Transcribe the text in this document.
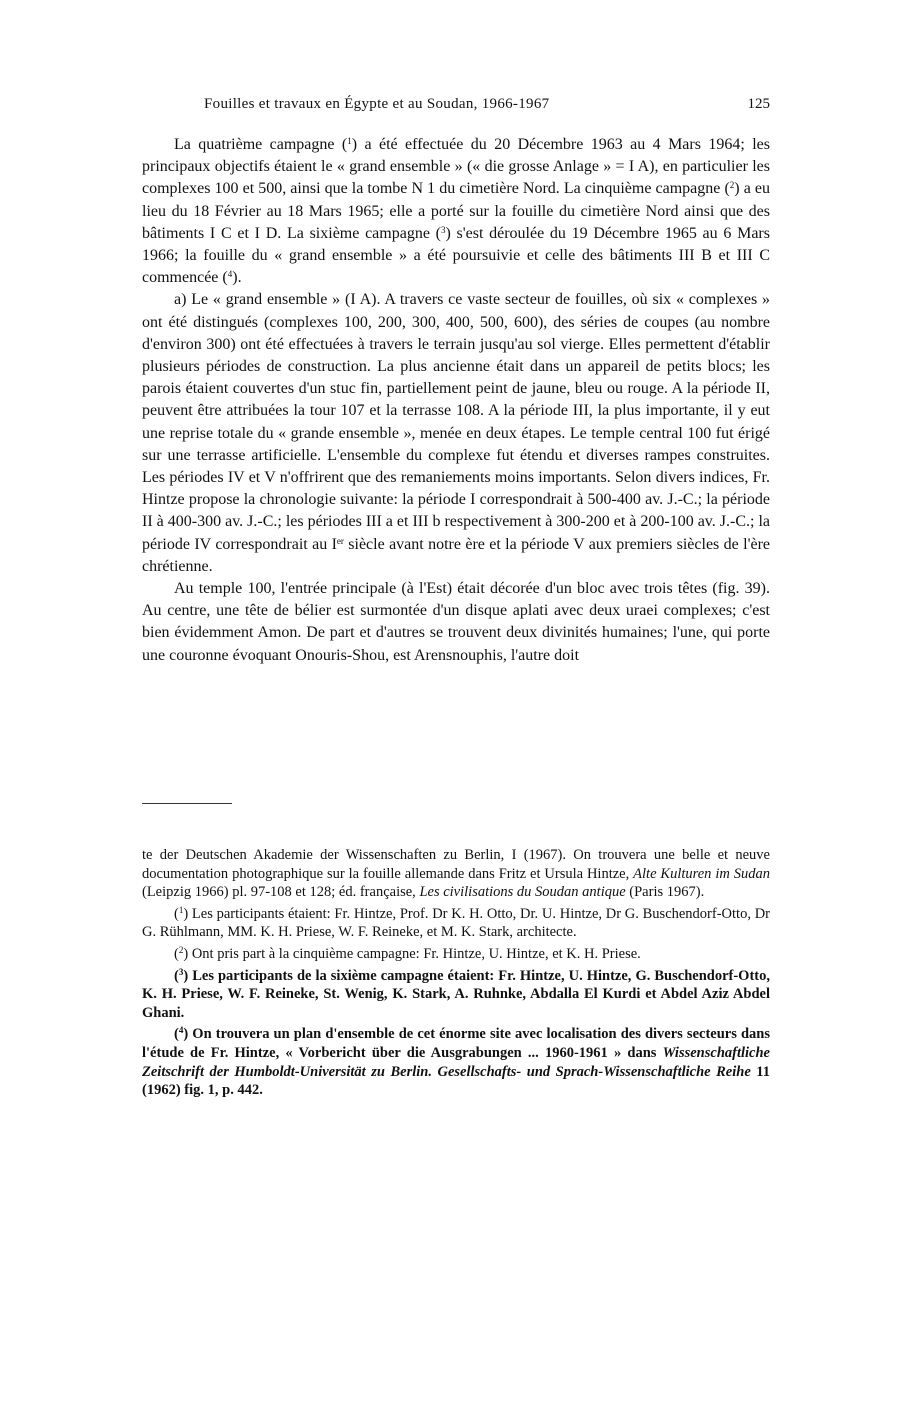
Fouilles et travaux en Égypte et au Soudan, 1966-1967	125

La quatrième campagne ($^1$) a été effectuée du 20 Décembre 1963 au 4 Mars 1964; les principaux objectifs étaient le « grand ensemble » (« die grosse Anlage » = I A), en particulier les complexes 100 et 500, ainsi que la tombe N 1 du cimetière Nord. La cinquième campagne ($^2$) a eu lieu du 18 Février au 18 Mars 1965; elle a porté sur la fouille du cimetière Nord ainsi que des bâtiments I C et I D. La sixième campagne ($^3$) s'est déroulée du 19 Décembre 1965 au 6 Mars 1966; la fouille du « grand ensemble » a été poursuivie et celle des bâtiments III B et III C commencée ($^4$).

a) Le « grand ensemble » (I A). A travers ce vaste secteur de fouilles, où six « complexes » ont été distingués (complexes 100, 200, 300, 400, 500, 600), des séries de coupes (au nombre d'environ 300) ont été effectuées à travers le terrain jusqu'au sol vierge. Elles permettent d'établir plusieurs périodes de construction. La plus ancienne était dans un appareil de petits blocs; les parois étaient couvertes d'un stuc fin, partiellement peint de jaune, bleu ou rouge. A la période II, peuvent être attribuées la tour 107 et la terrasse 108. A la période III, la plus importante, il y eut une reprise totale du « grande ensemble », menée en deux étapes. Le temple central 100 fut érigé sur une terrasse artificielle. L'ensemble du complexe fut étendu et diverses rampes construites. Les périodes IV et V n'offrirent que des remaniements moins importants. Selon divers indices, Fr. Hintze propose la chronologie suivante: la période I correspondrait à 500-400 av. J.-C.; la période II à 400-300 av. J.-C.; les périodes III a et III b respectivement à 300-200 et à 200-100 av. J.-C.; la période IV correspondrait au Ier siècle avant notre ère et la période V aux premiers siècles de l'ère chrétienne.

Au temple 100, l'entrée principale (à l'Est) était décorée d'un bloc avec trois têtes (fig. 39). Au centre, une tête de bélier est surmontée d'un disque aplati avec deux uraei complexes; c'est bien évidemment Amon. De part et d'autres se trouvent deux divinités humaines; l'une, qui porte une couronne évoquant Onouris-Shou, est Arensnouphis, l'autre doit

te der Deutschen Akademie der Wissenschaften zu Berlin, I (1967). On trouvera une belle et neuve documentation photographique sur la fouille allemande dans Fritz et Ursula Hintze, Alte Kulturen im Sudan (Leipzig 1966) pl. 97-108 et 128; éd. française, Les civilisations du Soudan antique (Paris 1967).

($^1$) Les participants étaient: Fr. Hintze, Prof. Dr K. H. Otto, Dr. U. Hintze, Dr G. Buschendorf-Otto, Dr G. Rühlmann, MM. K. H. Priese, W. F. Reineke, et M. K. Stark, architecte.

($^2$) Ont pris part à la cinquième campagne: Fr. Hintze, U. Hintze, et K. H. Priese.

($^3$) Les participants de la sixième campagne étaient: Fr. Hintze, U. Hintze, G. Buschendorf-Otto, K. H. Priese, W. F. Reineke, St. Wenig, K. Stark, A. Ruhnke, Abdalla El Kurdi et Abdel Aziz Abdel Ghani.

($^4$) On trouvera un plan d'ensemble de cet énorme site avec localisation des divers secteurs dans l'étude de Fr. Hintze, « Vorbericht über die Ausgrabungen ... 1960-1961 » dans Wissenschaftliche Zeitschrift der Humboldt-Universität zu Berlin. Gesellschafts- und Sprach-Wissenschaftliche Reihe 11 (1962) fig. 1, p. 442.
